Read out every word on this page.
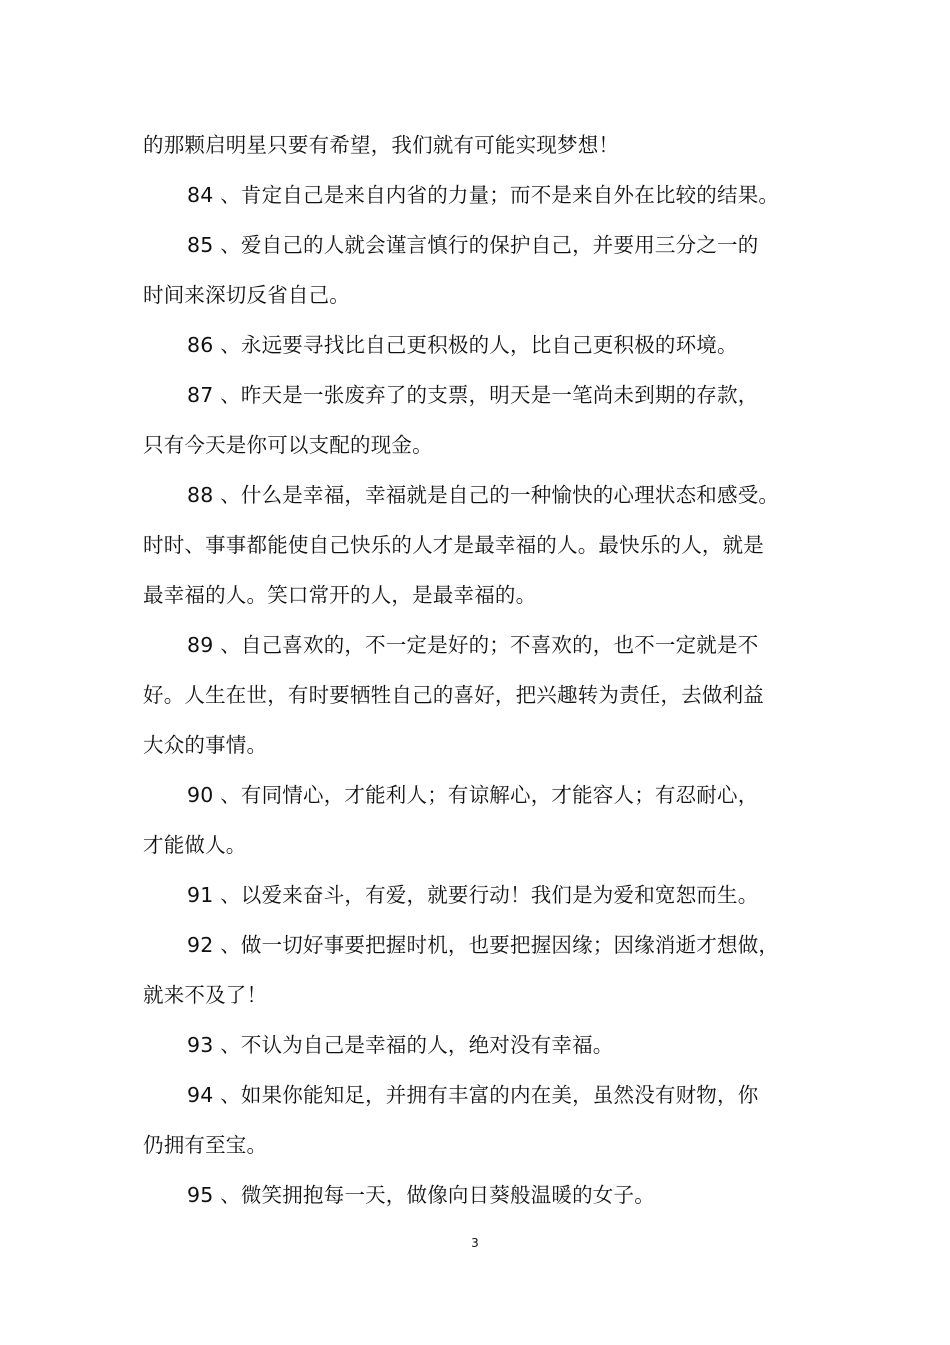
的那颗启明星只要有希望，我们就有可能实现梦想！
84 、肯定自己是来自内省的力量；而不是来自外在比较的结果。
85 、爱自己的人就会谨言慎行的保护自己，并要用三分之一的
时间来深切反省自己。
86 、永远要寻找比自己更积极的人，比自己更积极的环境。
87 、昨天是一张废弃了的支票，明天是一笔尚未到期的存款，
只有今天是你可以支配的现金。
88 、什么是幸福，幸福就是自己的一种愉快的心理状态和感受。
时时、事事都能使自己快乐的人才是最幸福的人。最快乐的人，就是
最幸福的人。笑口常开的人，是最幸福的。
89 、自己喜欢的，不一定是好的；不喜欢的，也不一定就是不
好。人生在世，有时要牺牲自己的喜好，把兴趣转为责任，去做利益
大众的事情。
90 、有同情心，才能利人；有谅解心，才能容人；有忍耐心，
才能做人。
91 、以爱来奋斗，有爱，就要行动！我们是为爱和宽恕而生。
92 、做一切好事要把握时机，也要把握因缘；因缘消逝才想做，
就来不及了！
93 、不认为自己是幸福的人，绝对没有幸福。
94 、如果你能知足，并拥有丰富的内在美，虽然没有财物，你
仍拥有至宝。
95 、微笑拥抱每一天，做像向日葵般温暖的女子。
3
